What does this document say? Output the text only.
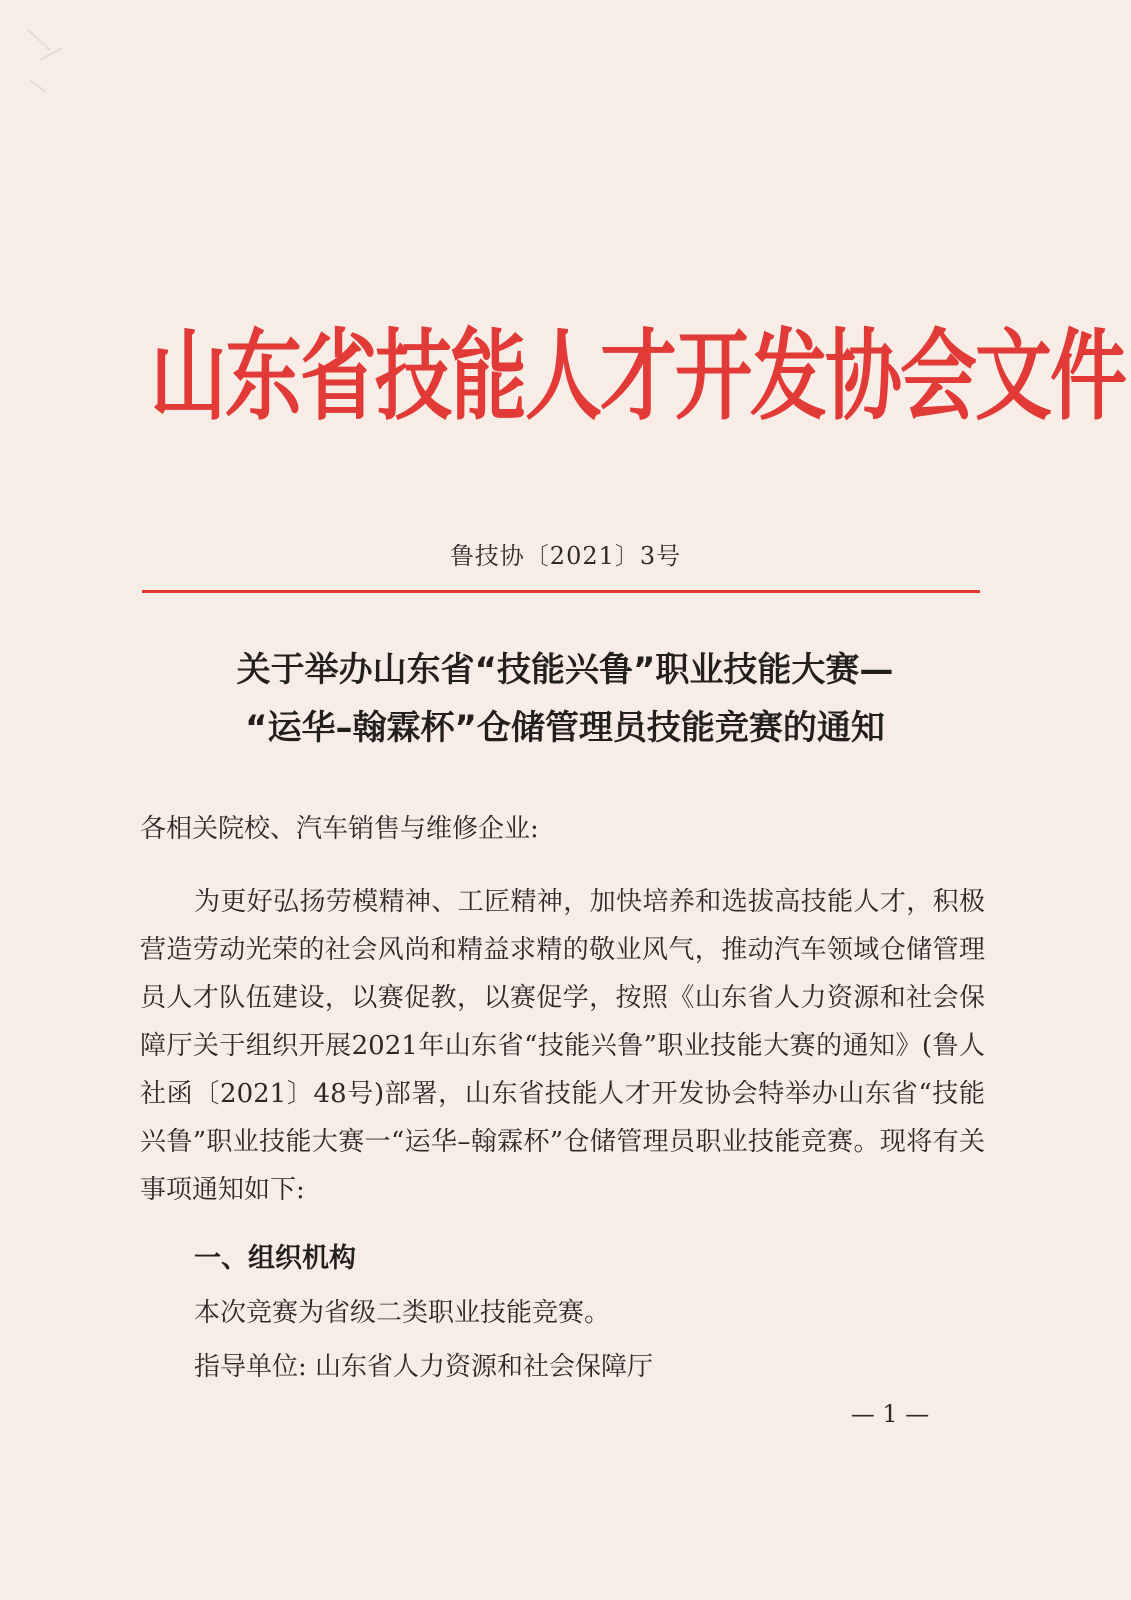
山东省技能人才开发协会文件
鲁技协〔2021〕3号
关于举办山东省“技能兴鲁”职业技能大赛—
“运华–翰霖杯”仓储管理员技能竞赛的通知
各相关院校、汽车销售与维修企业:

为更好弘扬劳模精神、工匠精神，加快培养和选拔高技能人才，积极营造劳动光荣的社会风尚和精益求精的敬业风气，推动汽车领域仓储管理员人才队伍建设，以赛促教，以赛促学，按照《山东省人力资源和社会保障厅关于组织开展2021年山东省“技能兴鲁”职业技能大赛的通知》(鲁人社函〔2021〕48号)部署，山东省技能人才开发协会特举办山东省“技能兴鲁”职业技能大赛一“运华–翰霖杯”仓储管理员职业技能竞赛。现将有关事项通知如下:

一、组织机构
本次竞赛为省级二类职业技能竞赛。
指导单位: 山东省人力资源和社会保障厅
— 1 —
